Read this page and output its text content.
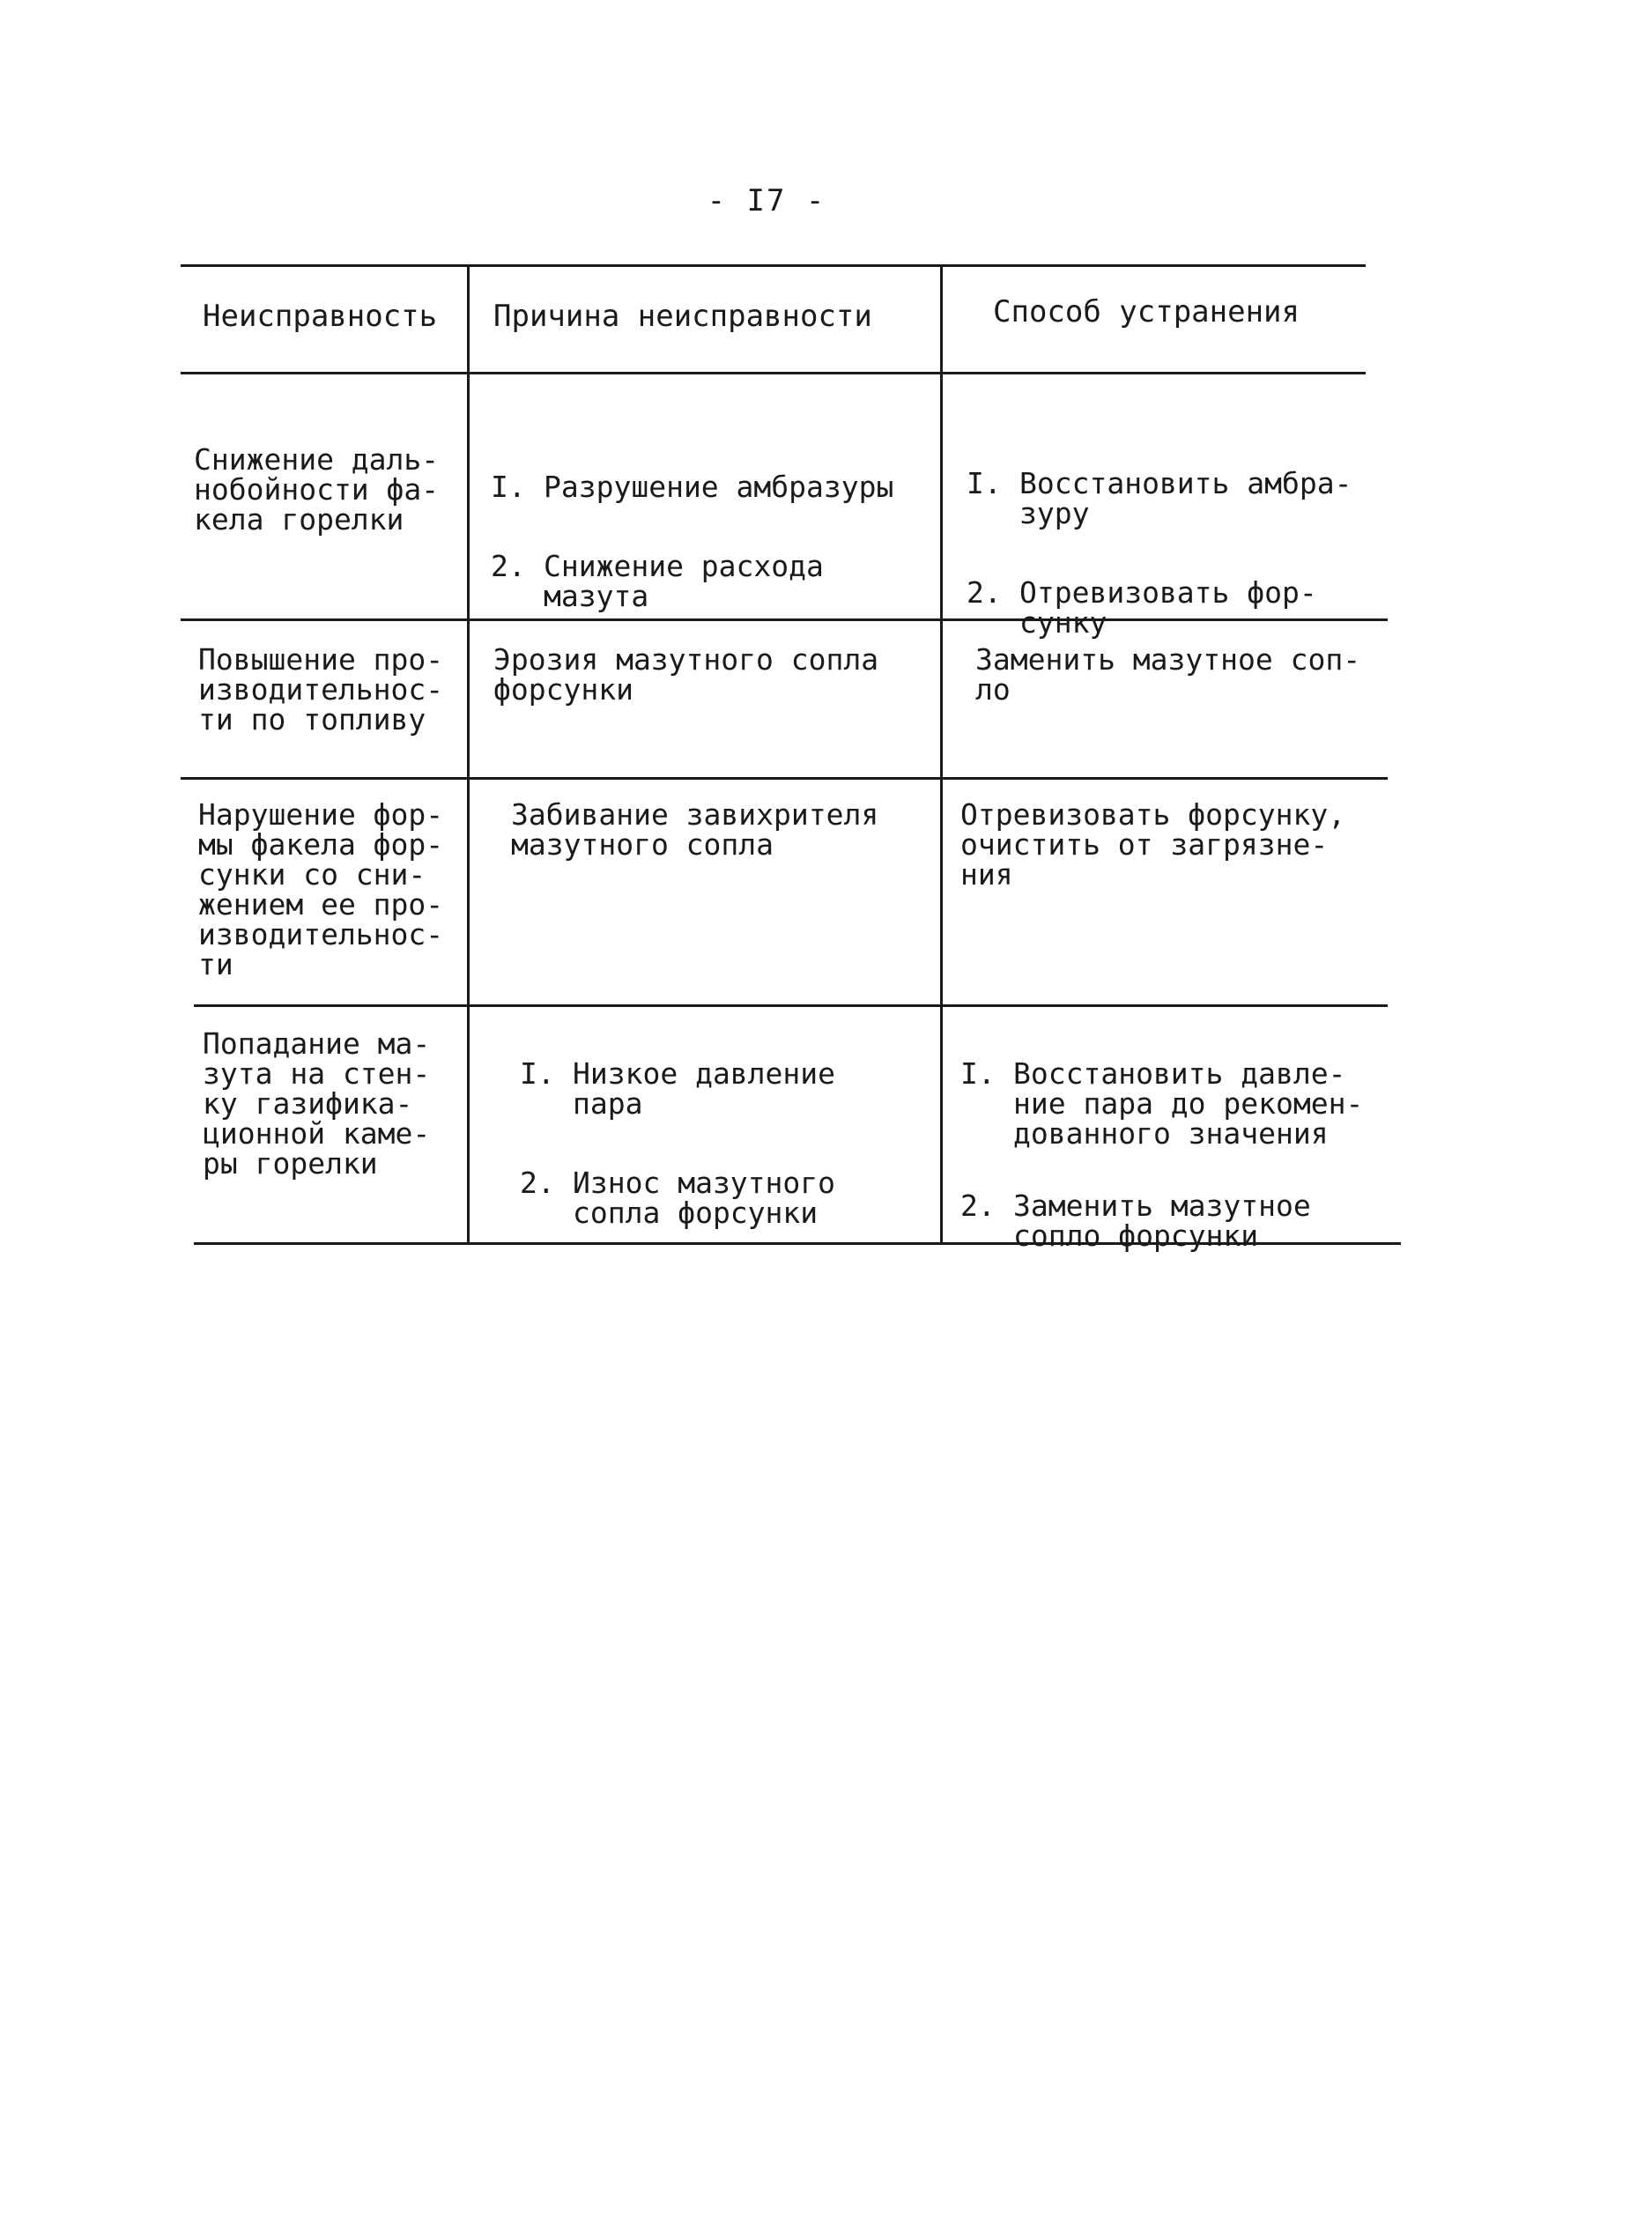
- I7 -
Неисправность Причина неисправности	Способ устранения
Снижение даль-
нобойности фа-
кела горелки

I. Разрушение амбразуры

2. Снижение расхода
мазута

I. Восстановить амбра-
зуру

2. Отревизовать фор-
сунку

Повышение про-
изводительнос-
ти по топливу
Эрозия мазутного сопла
форсунки
Заменить мазутное соп-
ло
Нарушение фор-
мы факела фор-
сунки со сни-
жением ее про-
изводительнос-
ти
Забивание завихрителя
мазутного сопла
Отревизовать форсунку,
очистить от загрязне-
ния
Попадание ма-
зута на стен-
ку газифика-
ционной каме-
ры горелки

I. Низкое давление
пара

2. Износ мазутного
сопла форсунки

I. Восстановить давле-
ние пара до рекомен-
дованного значения

2. Заменить мазутное
сопло форсунки
